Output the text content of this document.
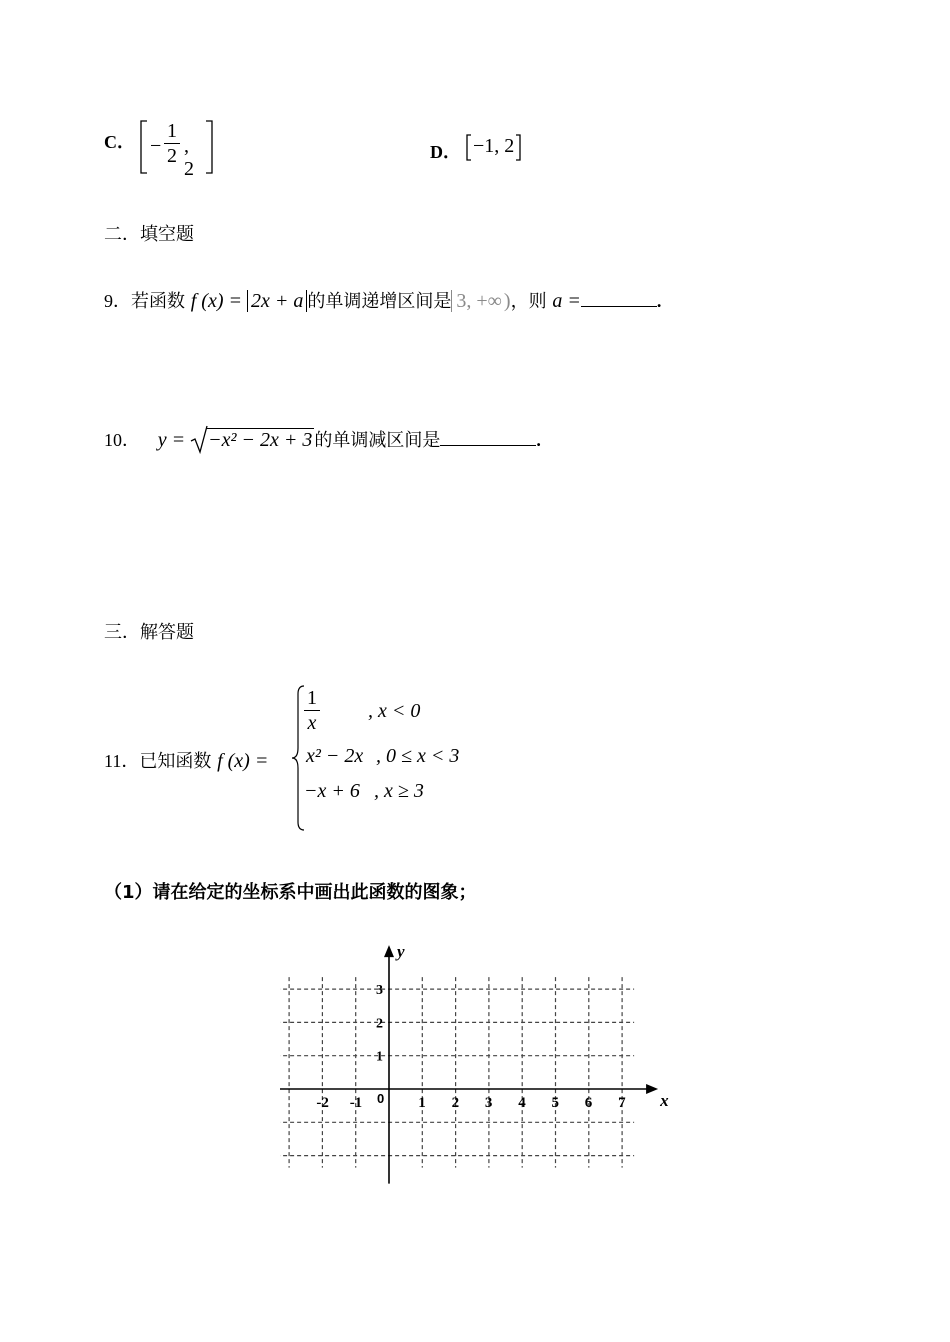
C． − $\frac{1}{2}$ , 2
D． −1, 2
二．填空题
9．若函数 f (x) = 2x + a 的单调递增区间是 3, +∞ )，则 a =	.
10． y =
−x² − 2x + 3 的单调减区间是	.
三．解答题
11．已知函数 f (x) =
$\frac{1}{x}$ , x < 0
x² − 2x , 0 ≤ x < 3
−x + 6 , x ≥ 3
（1）请在给定的坐标系中画出此函数的图象；
x
y
0
-2 -1	1 2 3 4 5 6 7
1
2
3
